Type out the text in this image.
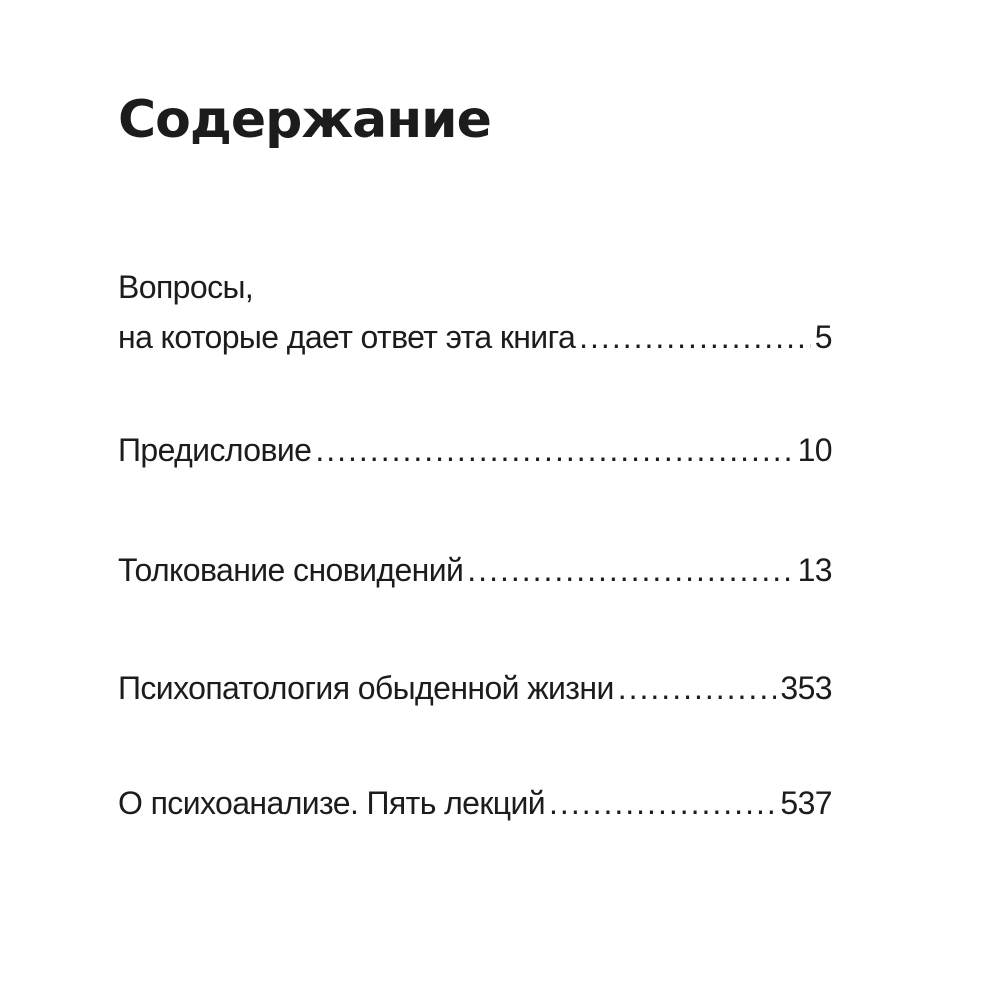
Содержание
Вопросы,
на которые дает ответ эта книга .....	5
Предисловие .....	10
Толкование сновидений .....	13
Психопатология обыденной жизни .....	353
О психоанализе. Пять лекций .....	537
